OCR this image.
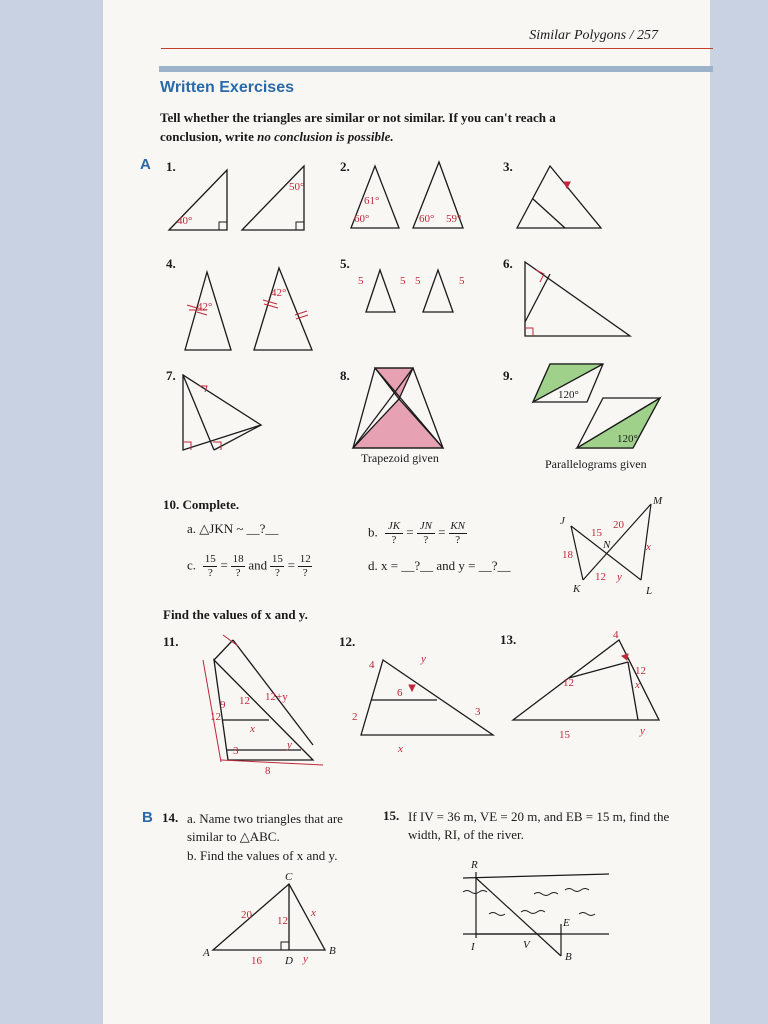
Similar Polygons / 257
Written Exercises
Tell whether the triangles are similar or not similar. If you can't reach a conclusion, write no conclusion is possible.
A 1.	2.	3.
4.	5.	6.
7.	8.	9.
40°
50°
61°
60°	60° 59°
42°
42°
5	5 5	5
120°
120°
Trapezoid given	Parallelograms given
10. Complete.
a. △JKN ~ __?__	b. JK

? = JN

? = KN

?
c. 15

? = 18

? and 15

? = 12

?	d. x = __?__ and y = __?__
J
M
N
K	L
15
20
18
12
x
y
Find the values of x and y.
11.	12.	13.
9 12 12+y
12
x
3	y
8
4	y
6
2	3
x
4
12
x
12
15	y
B 14. a. Name two triangles that are similar to △ABC.
b. Find the values of x and y.
C
A	B
D
20 12
x
16	y
15. If IV = 36 m, VE = 20 m, and EB = 15 m, find the width, RI, of the river.
R
I	V
E
B
